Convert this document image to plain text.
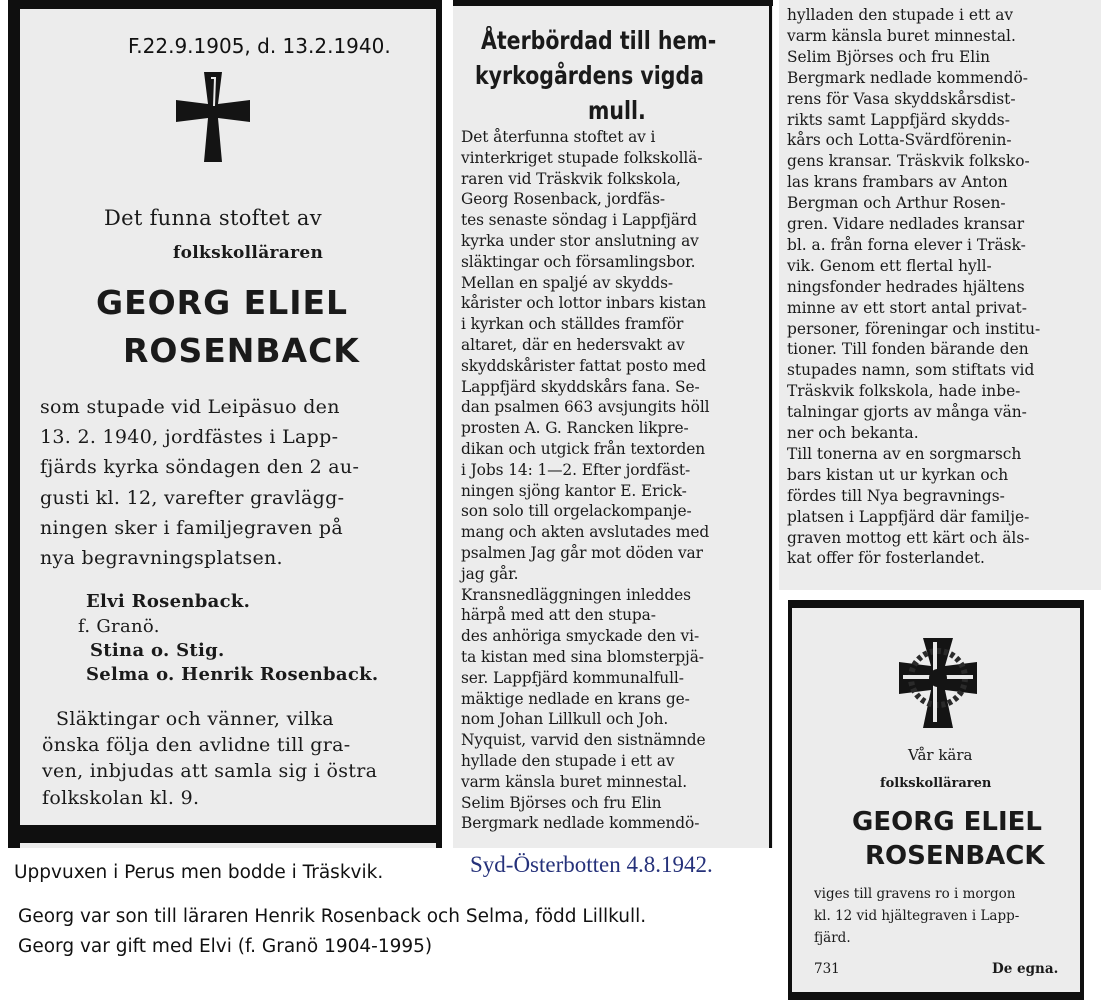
F.22.9.1905, d. 13.2.1940.
Det funna stoftet av
folkskolläraren
GEORG ELIEL
ROSENBACK
som stupade vid Leipäsuo den
13. 2. 1940, jordfästes i Lapp-
fjärds kyrka söndagen den 2 au-
gusti kl. 12, varefter gravlägg-
ningen sker i familjegraven på
nya begravningsplatsen.
Elvi Rosenback.
f. Granö.
Stina o. Stig.
Selma o. Henrik Rosenback.
Släktingar och vänner, vilka
önska följa den avlidne till gra-
ven, inbjudas att samla sig i östra
folkskolan kl. 9.
Återbördad till hem-
kyrkogårdens vigda
mull.
Det återfunna stoftet av i
vinterkriget stupade folkskollä-
raren vid Träskvik folkskola,
Georg Rosenback, jordfäs-
tes senaste söndag i Lappfjärd
kyrka under stor anslutning av
släktingar och församlingsbor.
Mellan en spaljé av skydds-
kårister och lottor inbars kistan
i kyrkan och ställdes framför
altaret, där en hedersvakt av
skyddskårister fattat posto med
Lappfjärd skyddskårs fana. Se-
dan psalmen 663 avsjungits höll
prosten A. G. Rancken likpre-
dikan och utgick från textorden
i Jobs 14: 1—2. Efter jordfäst-
ningen sjöng kantor E. Erick-
son solo till orgelackompanje-
mang och akten avslutades med
psalmen Jag går mot döden var
jag går.
Kransnedläggningen inleddes
härpå med att den stupa-
des anhöriga smyckade den vi-
ta kistan med sina blomsterpjä-
ser. Lappfjärd kommunalfull-
mäktige nedlade en krans ge-
nom Johan Lillkull och Joh.
Nyquist, varvid den sistnämnde
hyllade den stupade i ett av
varm känsla buret minnestal.
Selim Björses och fru Elin
Bergmark nedlade kommendö-
hylladen den stupade i ett av
varm känsla buret minnestal.
Selim Björses och fru Elin
Bergmark nedlade kommendö-
rens för Vasa skyddskårsdist-
rikts samt Lappfjärd skydds-
kårs och Lotta-Svärdförenin-
gens kransar. Träskvik folksko-
las krans frambars av Anton
Bergman och Arthur Rosen-
gren. Vidare nedlades kransar
bl. a. från forna elever i Träsk-
vik. Genom ett flertal hyll-
ningsfonder hedrades hjältens
minne av ett stort antal privat-
personer, föreningar och institu-
tioner. Till fonden bärande den
stupades namn, som stiftats vid
Träskvik folkskola, hade inbe-
talningar gjorts av många vän-
ner och bekanta.
Till tonerna av en sorgmarsch
bars kistan ut ur kyrkan och
fördes till Nya begravnings-
platsen i Lappfjärd där familje-
graven mottog ett kärt och äls-
kat offer för fosterlandet.
Vår kära
folkskolläraren
GEORG ELIEL
ROSENBACK
viges till gravens ro i morgon
kl. 12 vid hjältegraven i Lapp-
fjärd.
731	De egna.
Syd-Österbotten 4.8.1942.
Uppvuxen i Perus men bodde i Träskvik.
Georg var son till läraren Henrik Rosenback och Selma, född Lillkull.
Georg var gift med Elvi (f. Granö 1904-1995)
